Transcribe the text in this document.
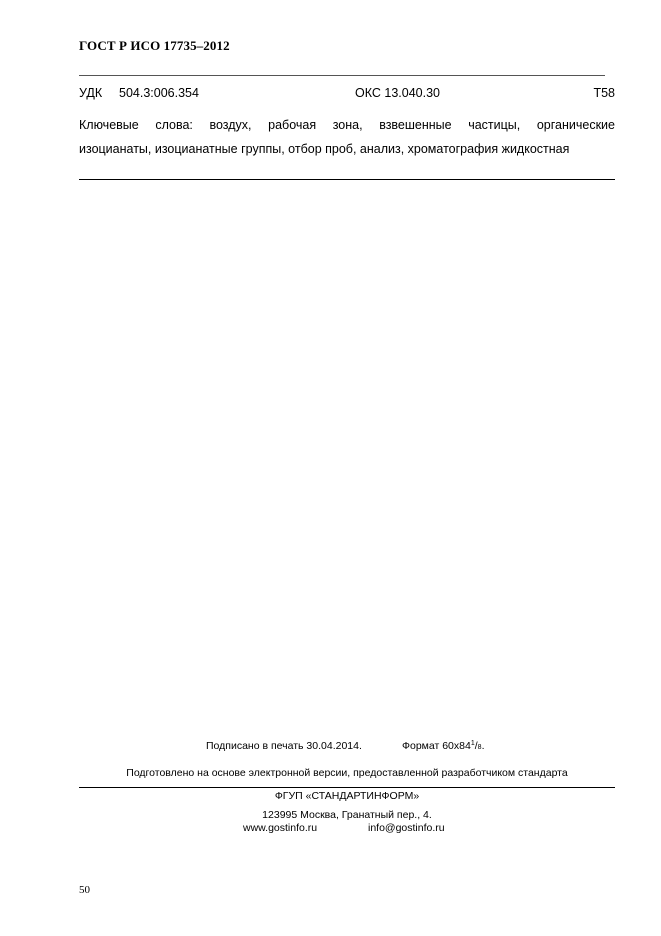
ГОСТ Р ИСО 17735–2012
УДК 504.3:006.354	ОКС 13.040.30	Т58
Ключевые слова: воздух, рабочая зона, взвешенные частицы, органические
изоцианаты, изоцианатные группы, отбор проб, анализ, хроматография жидкостная
Подписано в печать 30.04.2014.	Формат $60х84^1/8$.
Подготовлено на основе электронной версии, предоставленной разработчиком стандарта
ФГУП «СТАНДАРТИНФОРМ»
123995 Москва, Гранатный пер., 4.
www.gostinfo.ru	info@gostinfo.ru
50
